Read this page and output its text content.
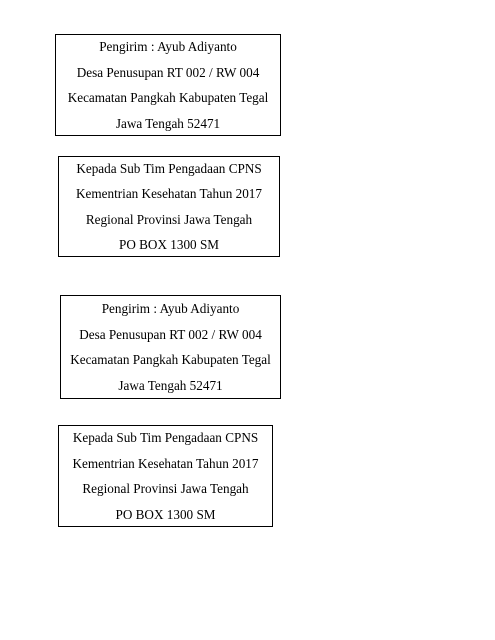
Pengirim : Ayub Adiyanto
Desa Penusupan RT 002 / RW 004
Kecamatan Pangkah Kabupaten Tegal
Jawa Tengah 52471
Kepada Sub Tim Pengadaan CPNS
Kementrian Kesehatan Tahun 2017
Regional Provinsi Jawa Tengah
PO BOX 1300 SM
Pengirim : Ayub Adiyanto
Desa Penusupan RT 002 / RW 004
Kecamatan Pangkah Kabupaten Tegal
Jawa Tengah 52471
Kepada Sub Tim Pengadaan CPNS
Kementrian Kesehatan Tahun 2017
Regional Provinsi Jawa Tengah
PO BOX 1300 SM
